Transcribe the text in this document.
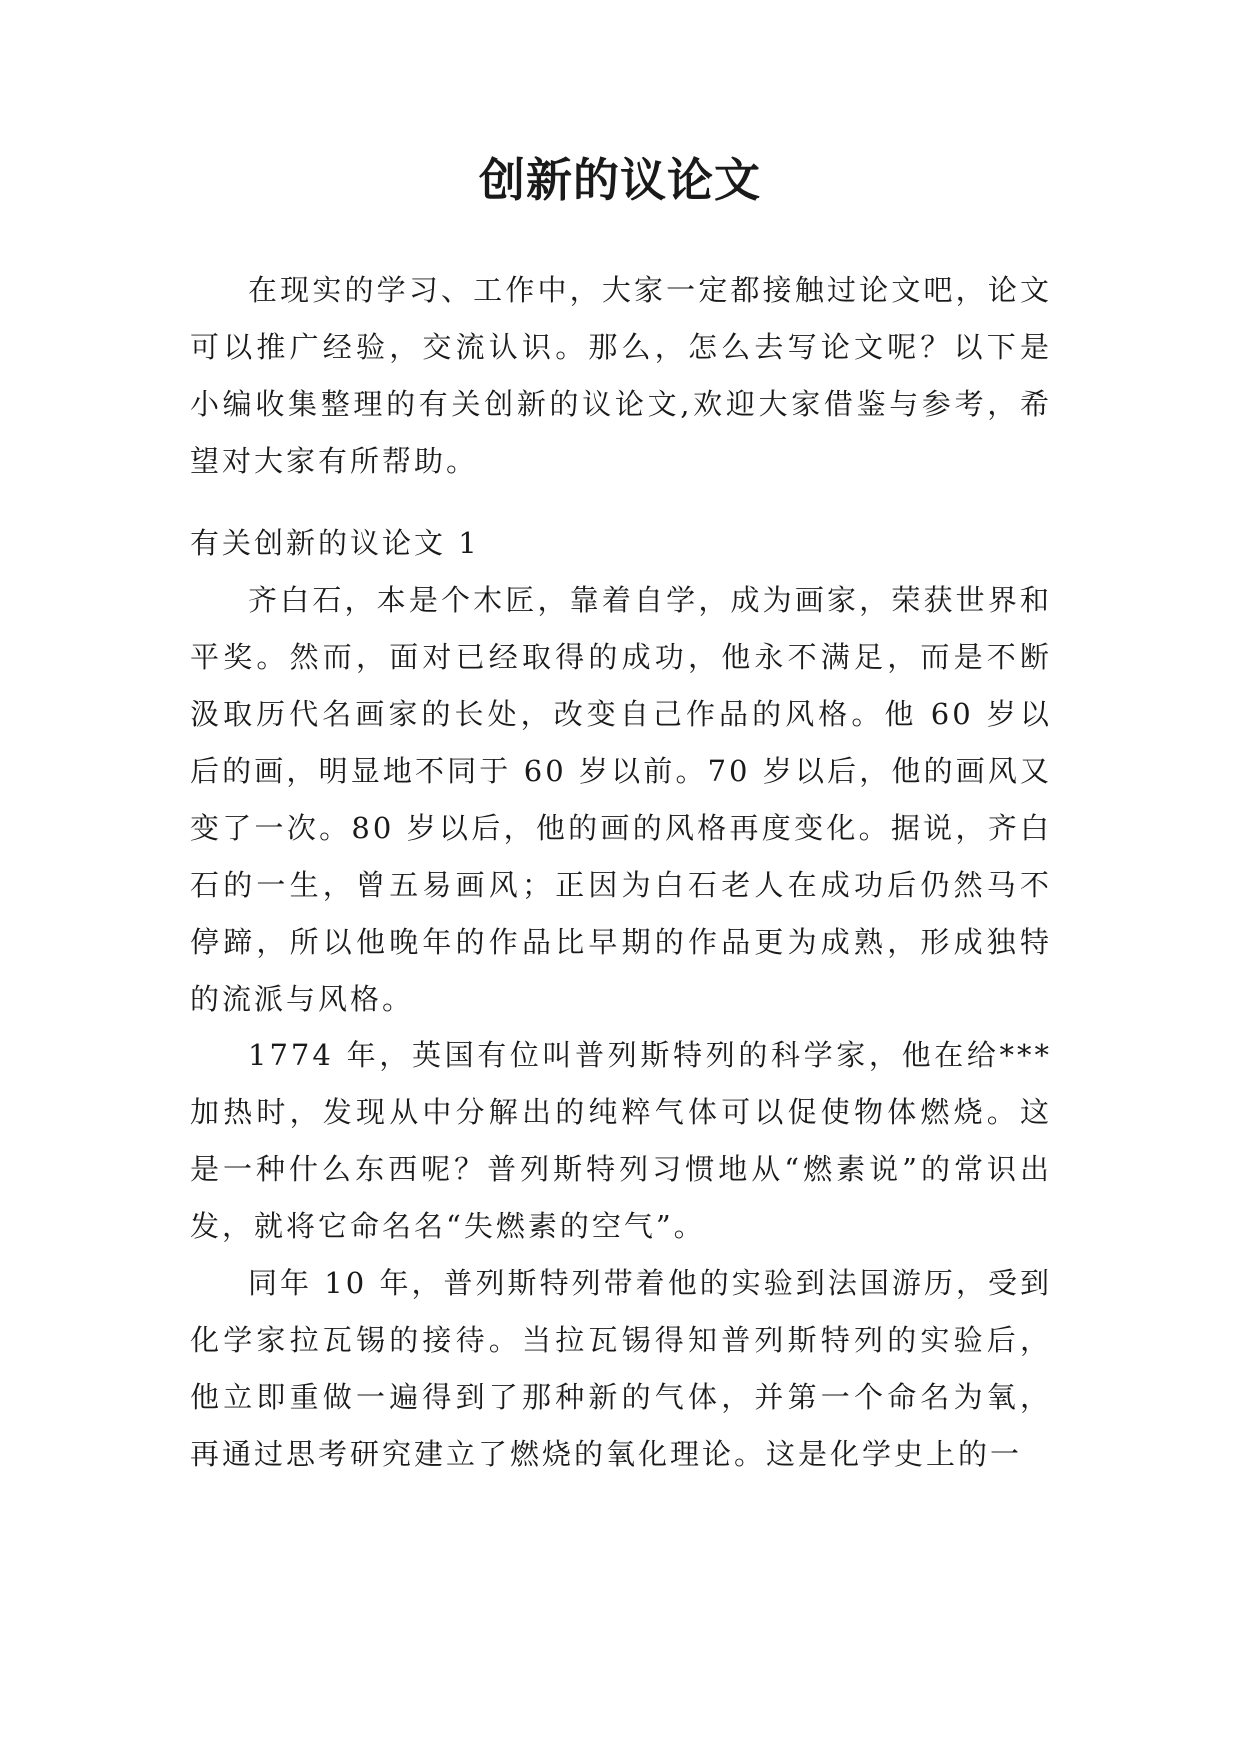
创新的议论文

在现实的学习、工作中，大家一定都接触过论文吧，论文可以推广经验，交流认识。那么，怎么去写论文呢？以下是小编收集整理的有关创新的议论文,欢迎大家借鉴与参考，希望对大家有所帮助。

有关创新的议论文 1

齐白石，本是个木匠，靠着自学，成为画家，荣获世界和平奖。然而，面对已经取得的成功，他永不满足，而是不断汲取历代名画家的长处，改变自己作品的风格。他 60 岁以后的画，明显地不同于 60 岁以前。70 岁以后，他的画风又变了一次。80 岁以后，他的画的风格再度变化。据说，齐白石的一生，曾五易画风；正因为白石老人在成功后仍然马不停蹄，所以他晚年的作品比早期的作品更为成熟，形成独特的流派与风格。

1774 年，英国有位叫普列斯特列的科学家，他在给***加热时，发现从中分解出的纯粹气体可以促使物体燃烧。这是一种什么东西呢？普列斯特列习惯地从“燃素说”的常识出发，就将它命名名“失燃素的空气”。

同年 10 年，普列斯特列带着他的实验到法国游历，受到化学家拉瓦锡的接待。当拉瓦锡得知普列斯特列的实验后，他立即重做一遍得到了那种新的气体，并第一个命名为氧，再通过思考研究建立了燃烧的氧化理论。这是化学史上的一
